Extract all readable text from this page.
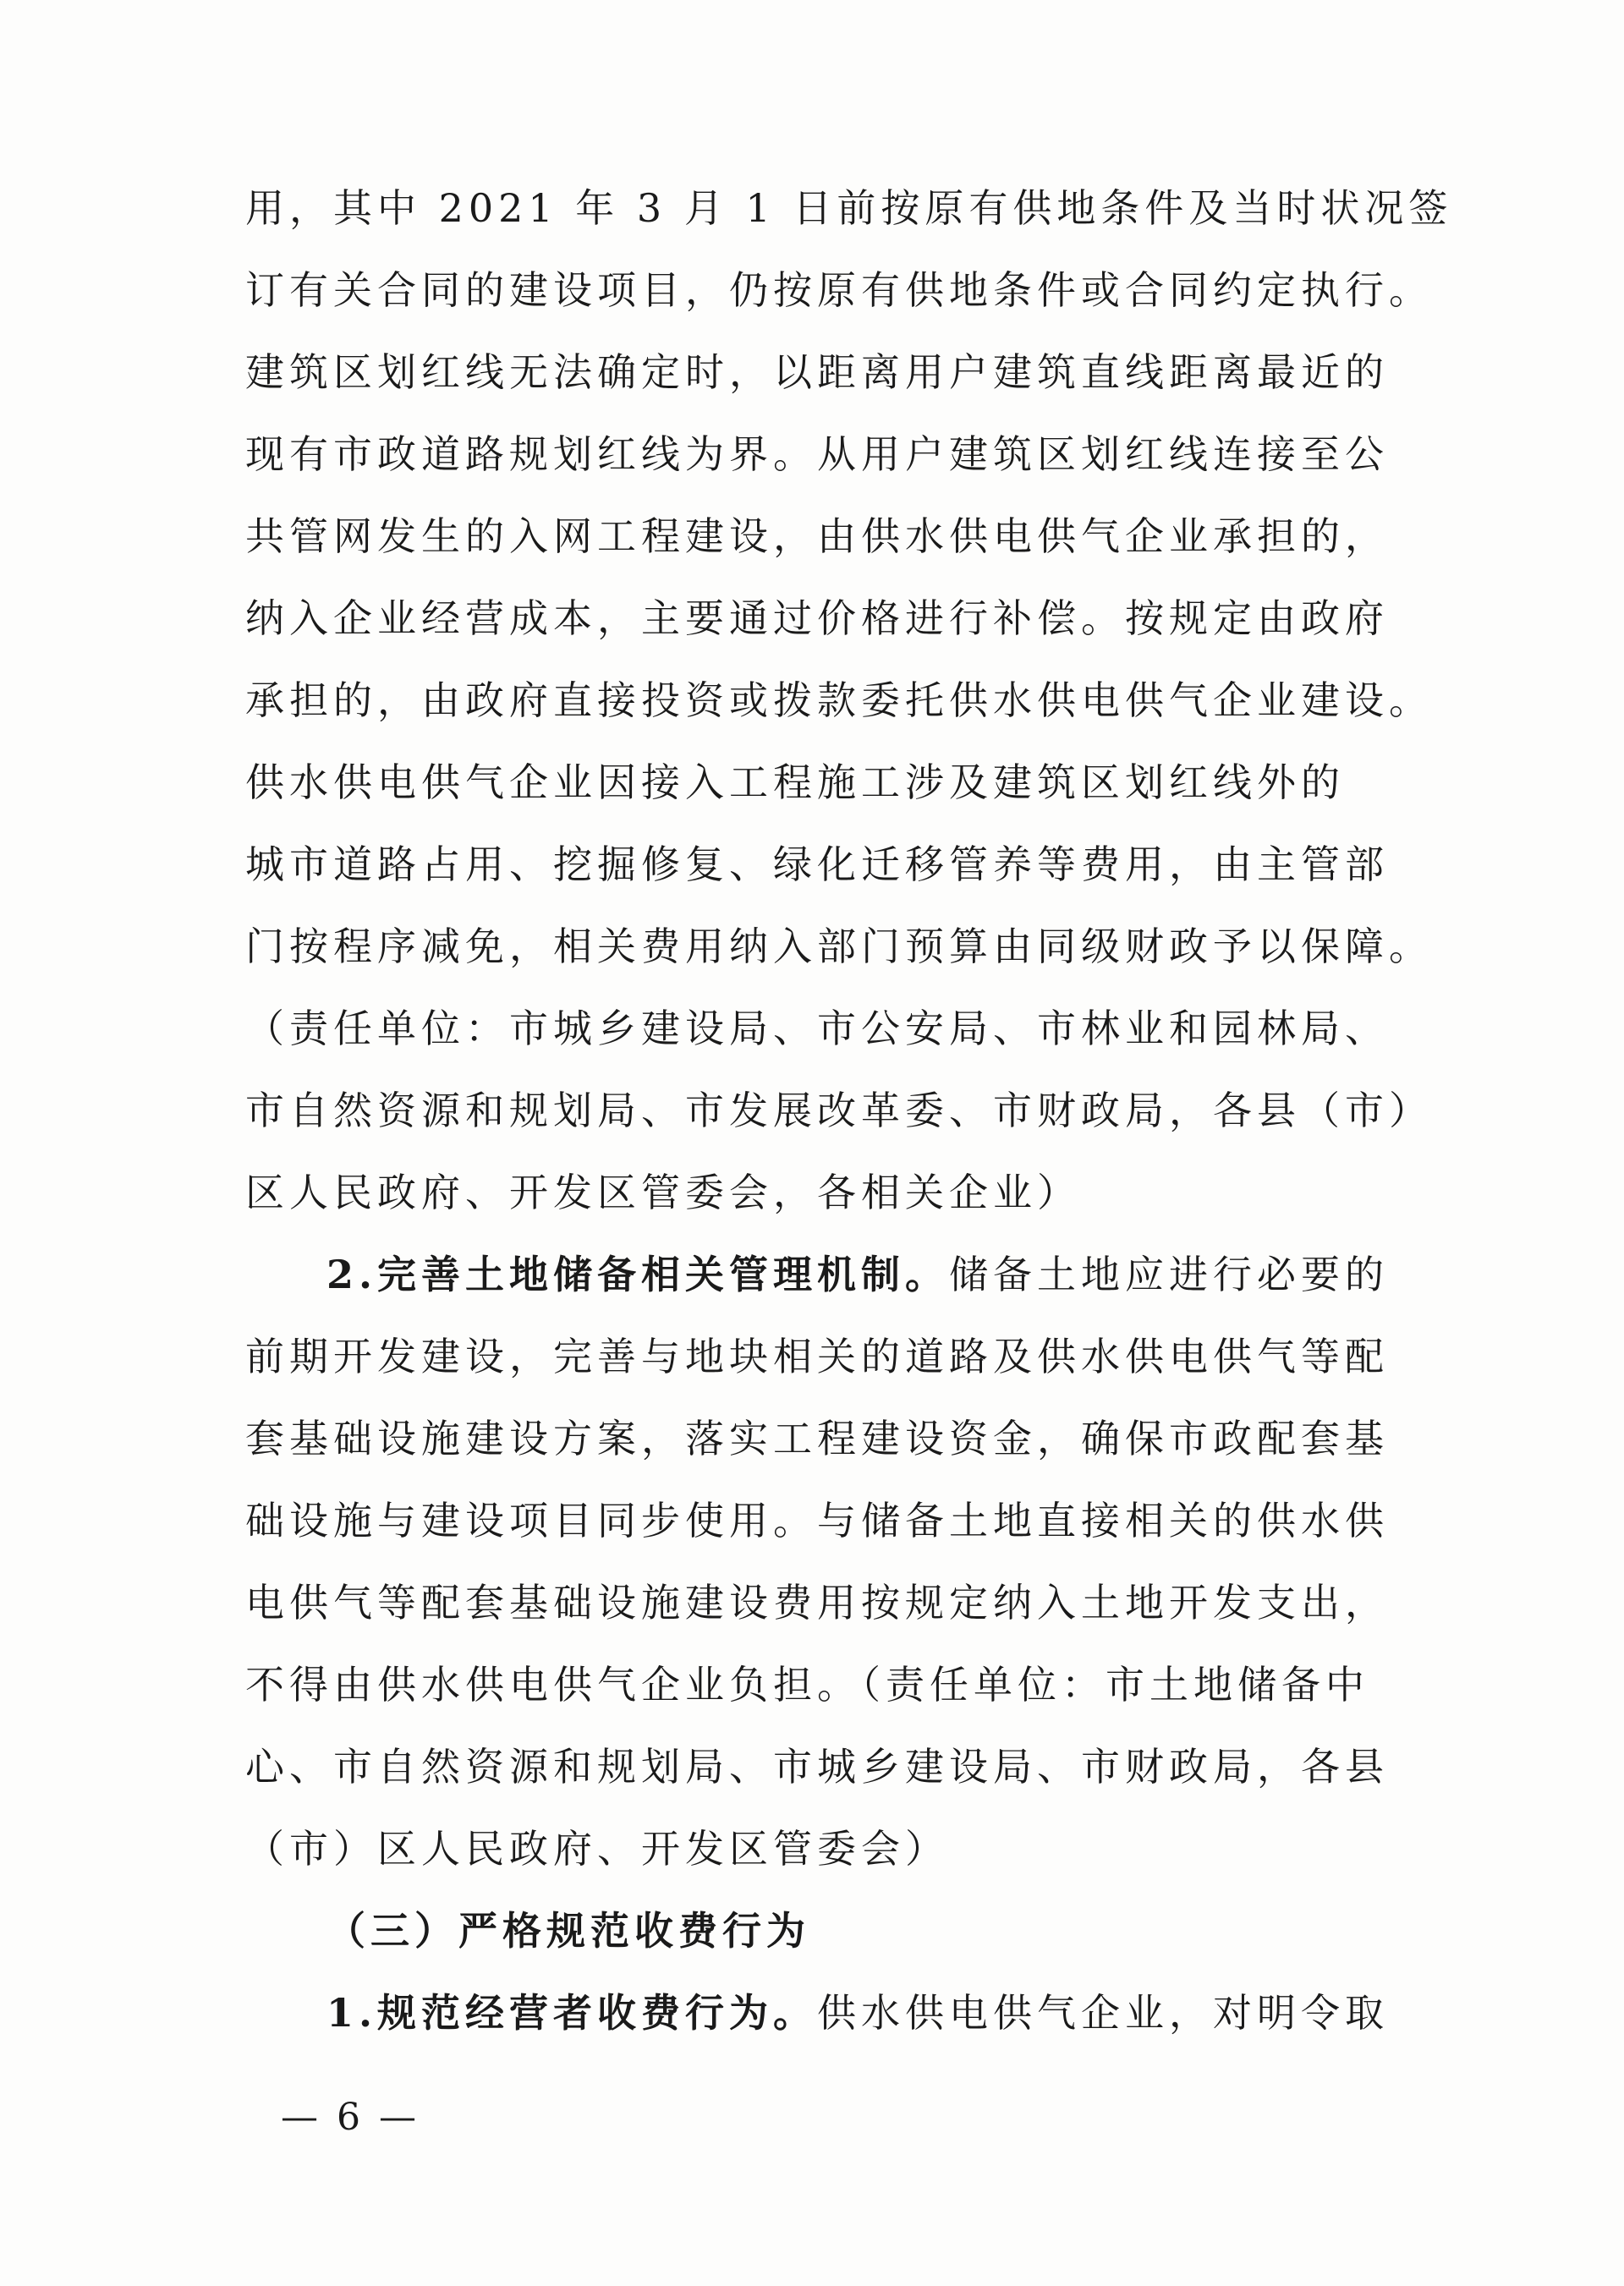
用，其中 2021 年 3 月 1 日前按原有供地条件及当时状况签
订有关合同的建设项目，仍按原有供地条件或合同约定执行。
建筑区划红线无法确定时，以距离用户建筑直线距离最近的
现有市政道路规划红线为界。从用户建筑区划红线连接至公
共管网发生的入网工程建设，由供水供电供气企业承担的，
纳入企业经营成本，主要通过价格进行补偿。按规定由政府
承担的，由政府直接投资或拨款委托供水供电供气企业建设。
供水供电供气企业因接入工程施工涉及建筑区划红线外的
城市道路占用、挖掘修复、绿化迁移管养等费用，由主管部
门按程序减免，相关费用纳入部门预算由同级财政予以保障。
（责任单位：市城乡建设局、市公安局、市林业和园林局、
市自然资源和规划局、市发展改革委、市财政局，各县（市）
区人民政府、开发区管委会，各相关企业）
2.完善土地储备相关管理机制。储备土地应进行必要的
前期开发建设，完善与地块相关的道路及供水供电供气等配
套基础设施建设方案，落实工程建设资金，确保市政配套基
础设施与建设项目同步使用。与储备土地直接相关的供水供
电供气等配套基础设施建设费用按规定纳入土地开发支出，
不得由供水供电供气企业负担。（责任单位：市土地储备中
心、市自然资源和规划局、市城乡建设局、市财政局，各县
（市）区人民政府、开发区管委会）
（三）严格规范收费行为
1.规范经营者收费行为。供水供电供气企业，对明令取
— 6 —
